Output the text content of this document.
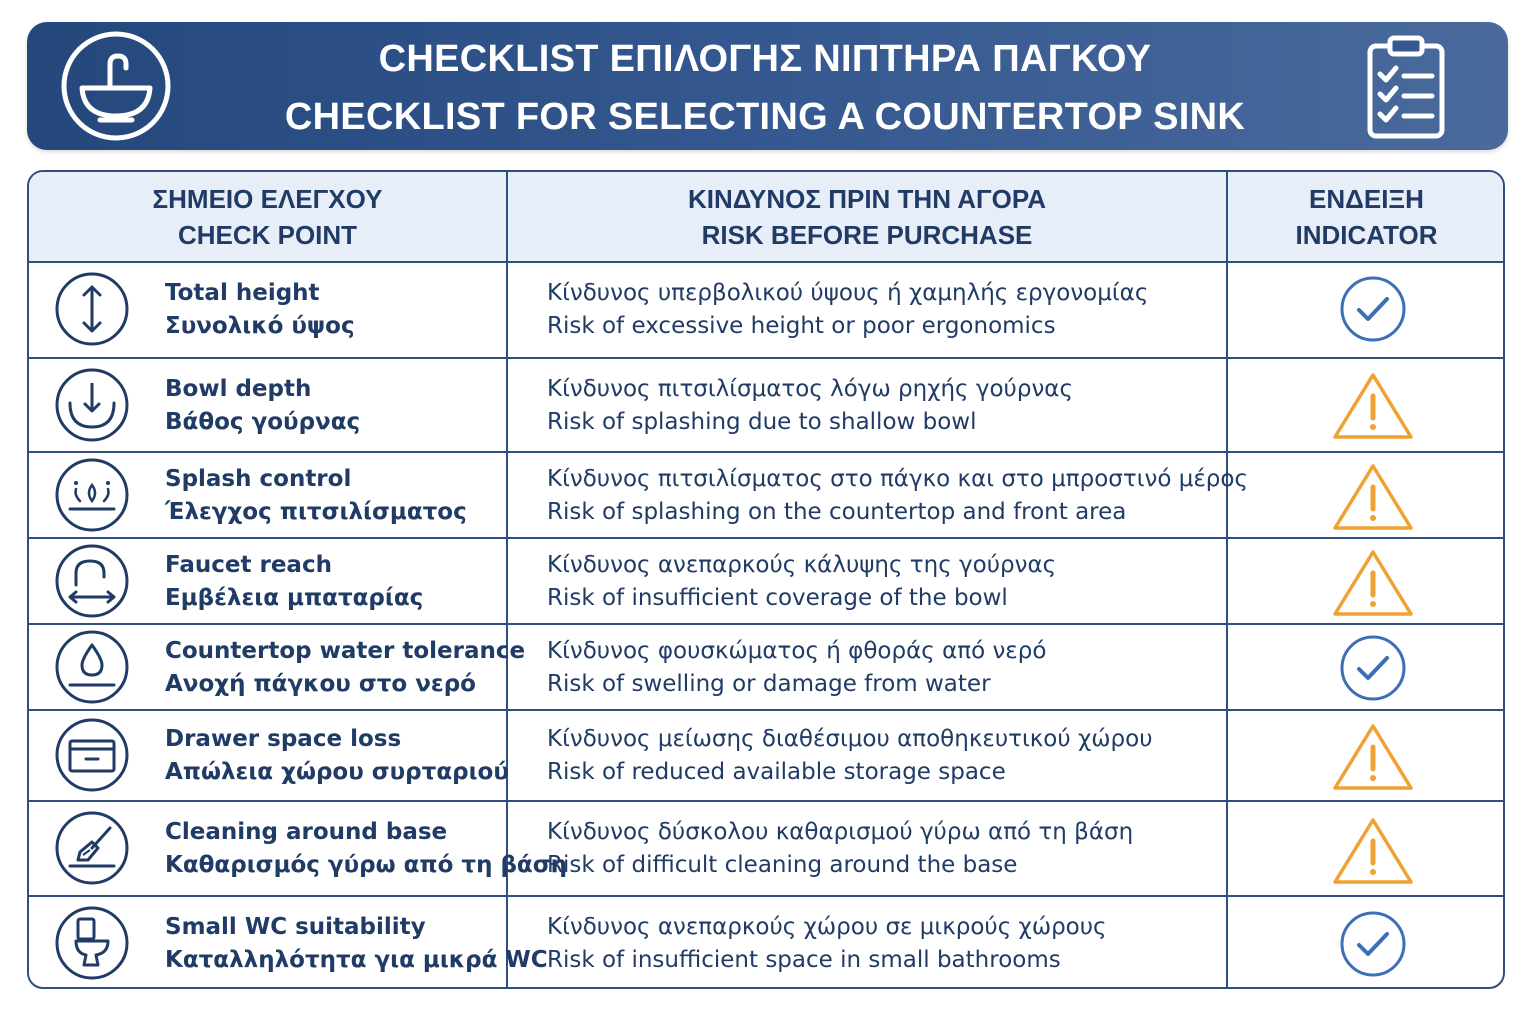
CHECKLIST ΕΠΙΛΟΓΗΣ ΝΙΠΤΗΡΑ ΠΑΓΚΟΥ
CHECKLIST FOR SELECTING A COUNTERTOP SINK
ΣΗΜΕΙΟ ΕΛΕΓΧΟΥ
CHECK POINT
ΚΙΝΔΥΝΟΣ ΠΡΙΝ ΤΗΝ ΑΓΟΡΑ
RISK BEFORE PURCHASE
ΕΝΔΕΙΞΗ
INDICATOR
Total height
Συνολικό ύψος
Κίνδυνος υπερβολικού ύψους ή χαμηλής εργονομίας
Risk of excessive height or poor ergonomics
Bowl depth
Βάθος γούρνας
Κίνδυνος πιτσιλίσματος λόγω ρηχής γούρνας
Risk of splashing due to shallow bowl
Splash control
Έλεγχος πιτσιλίσματος
Κίνδυνος πιτσιλίσματος στο πάγκο και στο μπροστινό μέρος
Risk of splashing on the countertop and front area
Faucet reach
Εμβέλεια μπαταρίας
Κίνδυνος ανεπαρκούς κάλυψης της γούρνας
Risk of insufficient coverage of the bowl
Countertop water tolerance
Ανοχή πάγκου στο νερό
Κίνδυνος φουσκώματος ή φθοράς από νερό
Risk of swelling or damage from water
Drawer space loss
Απώλεια χώρου συρταριού
Κίνδυνος μείωσης διαθέσιμου αποθηκευτικού χώρου
Risk of reduced available storage space
Cleaning around base
Καθαρισμός γύρω από τη βάση
Κίνδυνος δύσκολου καθαρισμού γύρω από τη βάση
Risk of difficult cleaning around the base
Small WC suitability
Καταλληλότητα για μικρά WC
Κίνδυνος ανεπαρκούς χώρου σε μικρούς χώρους
Risk of insufficient space in small bathrooms
